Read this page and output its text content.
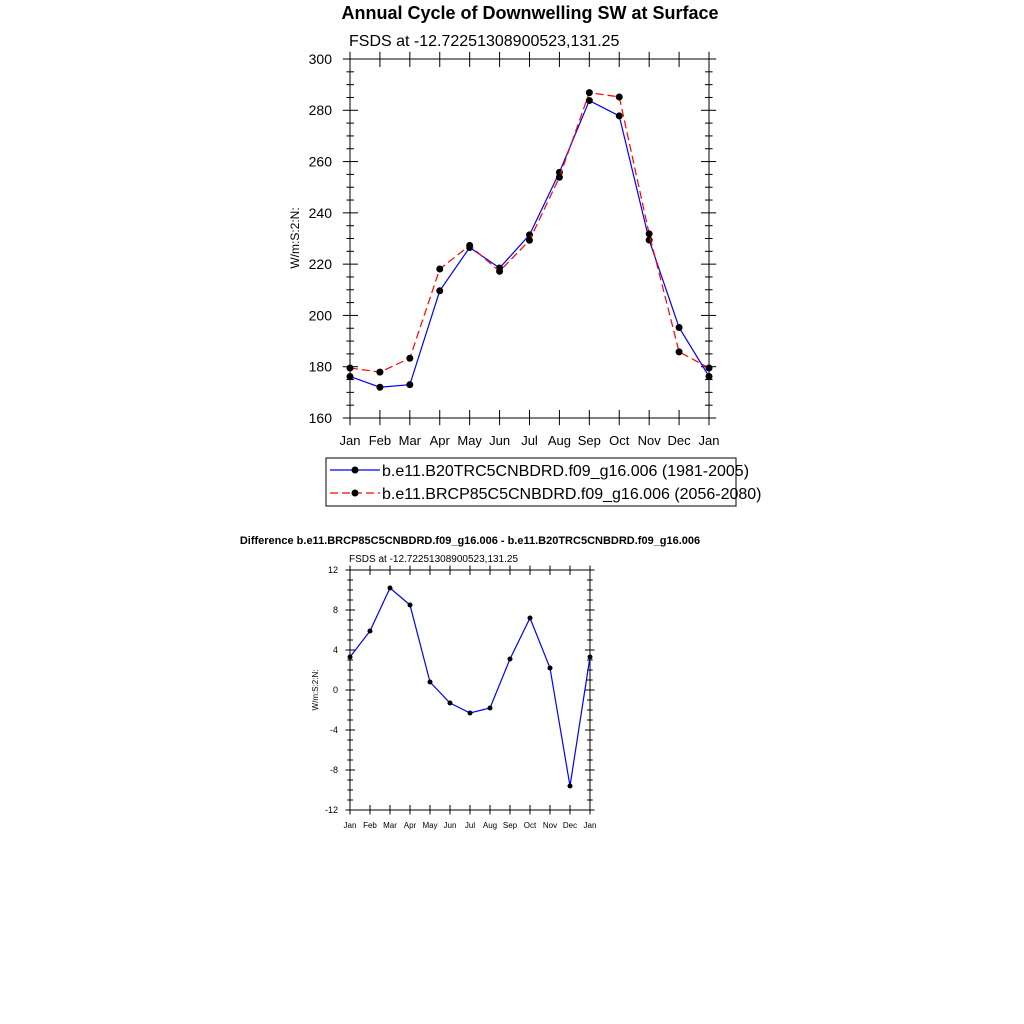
Annual Cycle of Downwelling SW at Surface
FSDS at -12.72251308900523,131.25
W/m:S:2:N:
160
180
200
220
240
260
280
300
Jan Feb Mar Apr May Jun Jul Aug Sep Oct Nov Dec Jan
b.e11.B20TRC5CNBDRD.f09_g16.006 (1981-2005)
b.e11.BRCP85C5CNBDRD.f09_g16.006 (2056-2080)
Difference b.e11.BRCP85C5CNBDRD.f09_g16.006 - b.e11.B20TRC5CNBDRD.f09_g16.006
FSDS at -12.72251308900523,131.25
W/m:S:2:N:
-12
-8
-4
0
4
8
12
Jan Feb Mar Apr May Jun Jul Aug Sep Oct Nov Dec Jan
